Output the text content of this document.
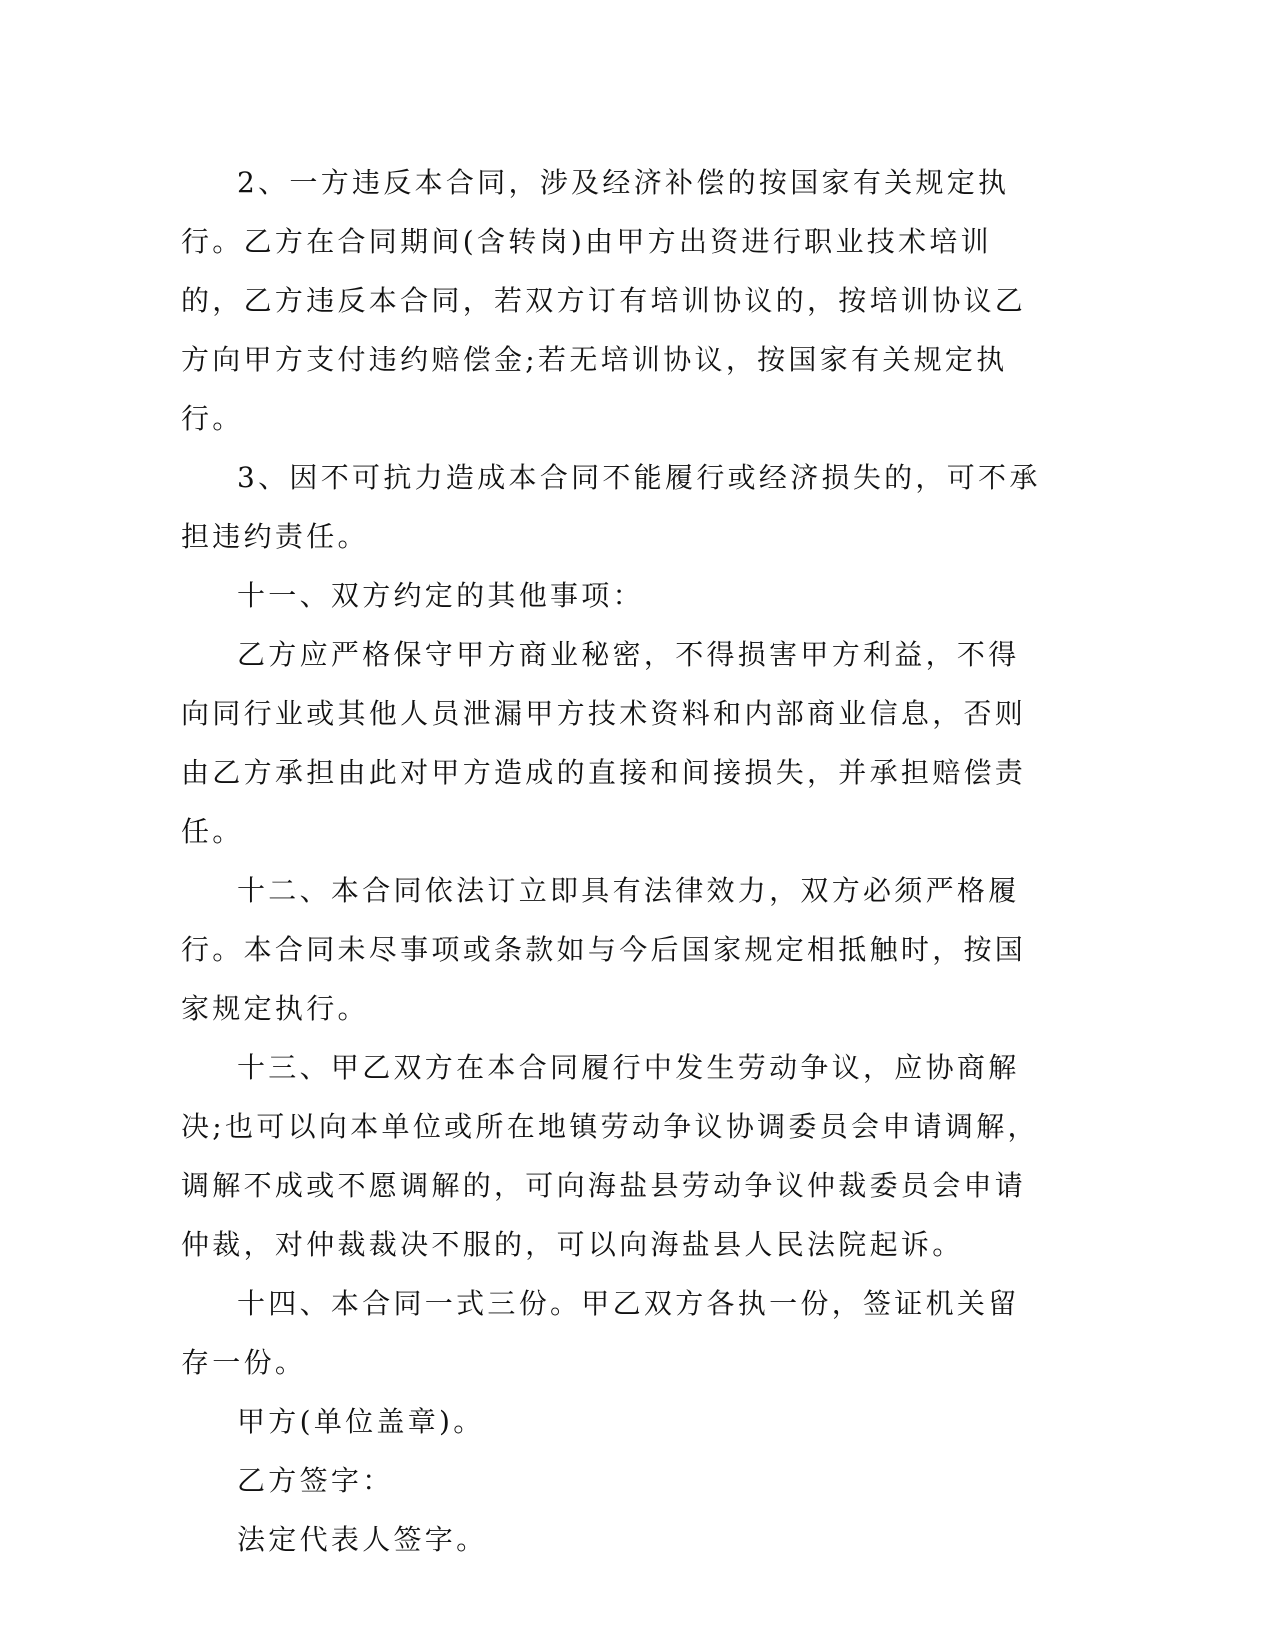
2、一方违反本合同，涉及经济补偿的按国家有关规定执行。乙方在合同期间(含转岗)由甲方出资进行职业技术培训的，乙方违反本合同，若双方订有培训协议的，按培训协议乙方向甲方支付违约赔偿金;若无培训协议，按国家有关规定执行。

3、因不可抗力造成本合同不能履行或经济损失的，可不承担违约责任。

十一、双方约定的其他事项：

乙方应严格保守甲方商业秘密，不得损害甲方利益，不得向同行业或其他人员泄漏甲方技术资料和内部商业信息，否则由乙方承担由此对甲方造成的直接和间接损失，并承担赔偿责任。

十二、本合同依法订立即具有法律效力，双方必须严格履行。本合同未尽事项或条款如与今后国家规定相抵触时，按国家规定执行。

十三、甲乙双方在本合同履行中发生劳动争议，应协商解决;也可以向本单位或所在地镇劳动争议协调委员会申请调解，调解不成或不愿调解的，可向海盐县劳动争议仲裁委员会申请仲裁，对仲裁裁决不服的，可以向海盐县人民法院起诉。

十四、本合同一式三份。甲乙双方各执一份，签证机关留存一份。

甲方(单位盖章)。

乙方签字：

法定代表人签字。
